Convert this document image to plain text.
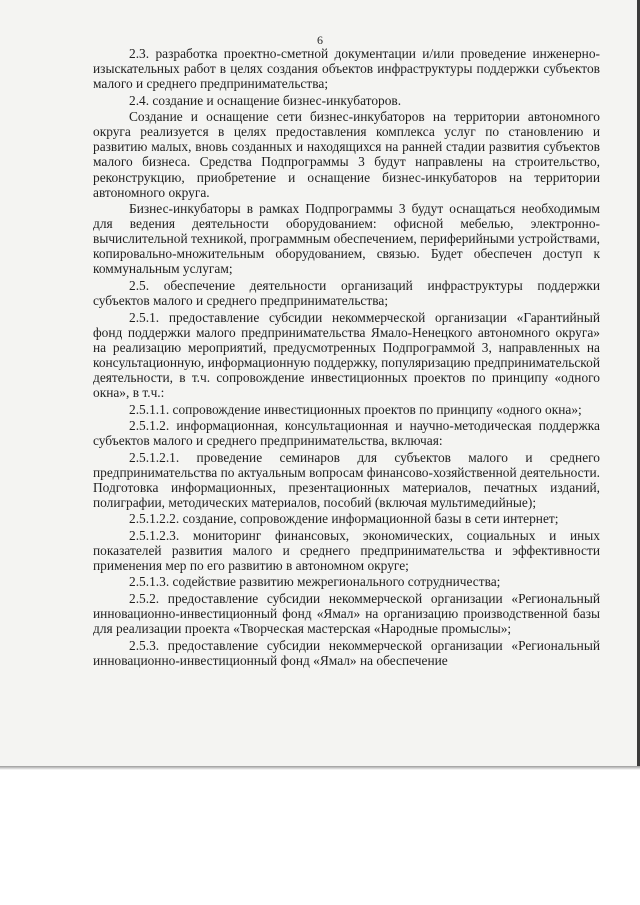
6

2.3. разработка проектно-сметной документации и/или проведение инженерно-изыскательных работ в целях создания объектов инфраструктуры поддержки субъектов малого и среднего предпринимательства;

2.4. создание и оснащение бизнес-инкубаторов.

Создание и оснащение сети бизнес-инкубаторов на территории автономного округа реализуется в целях предоставления комплекса услуг по становлению и развитию малых, вновь созданных и находящихся на ранней стадии развития субъектов малого бизнеса. Средства Подпрограммы 3 будут направлены на строительство, реконструкцию, приобретение и оснащение бизнес-инкубаторов на территории автономного округа.

Бизнес-инкубаторы в рамках Подпрограммы 3 будут оснащаться необходимым для ведения деятельности оборудованием: офисной мебелью, электронно-вычислительной техникой, программным обеспечением, периферийными устройствами, копировально-множительным оборудованием, связью. Будет обеспечен доступ к коммунальным услугам;

2.5. обеспечение деятельности организаций инфраструктуры поддержки субъектов малого и среднего предпринимательства;

2.5.1. предоставление субсидии некоммерческой организации «Гарантийный фонд поддержки малого предпринимательства Ямало-Ненецкого автономного округа» на реализацию мероприятий, предусмотренных Подпрограммой 3, направленных на консультационную, информационную поддержку, популяризацию предпринимательской деятельности, в т.ч. сопровождение инвестиционных проектов по принципу «одного окна», в т.ч.:

2.5.1.1. сопровождение инвестиционных проектов по принципу «одного окна»;

2.5.1.2. информационная, консультационная и научно-методическая поддержка субъектов малого и среднего предпринимательства, включая:

2.5.1.2.1. проведение семинаров для субъектов малого и среднего предпринимательства по актуальным вопросам финансово-хозяйственной деятельности. Подготовка информационных, презентационных материалов, печатных изданий, полиграфии, методических материалов, пособий (включая мультимедийные);

2.5.1.2.2. создание, сопровождение информационной базы в сети интернет;

2.5.1.2.3. мониторинг финансовых, экономических, социальных и иных показателей развития малого и среднего предпринимательства и эффективности применения мер по его развитию в автономном округе;

2.5.1.3. содействие развитию межрегионального сотрудничества;

2.5.2. предоставление субсидии некоммерческой организации «Региональный инновационно-инвестиционный фонд «Ямал» на организацию производственной базы для реализации проекта «Творческая мастерская «Народные промыслы»;

2.5.3. предоставление субсидии некоммерческой организации «Региональный инновационно-инвестиционный фонд «Ямал» на обеспечение
